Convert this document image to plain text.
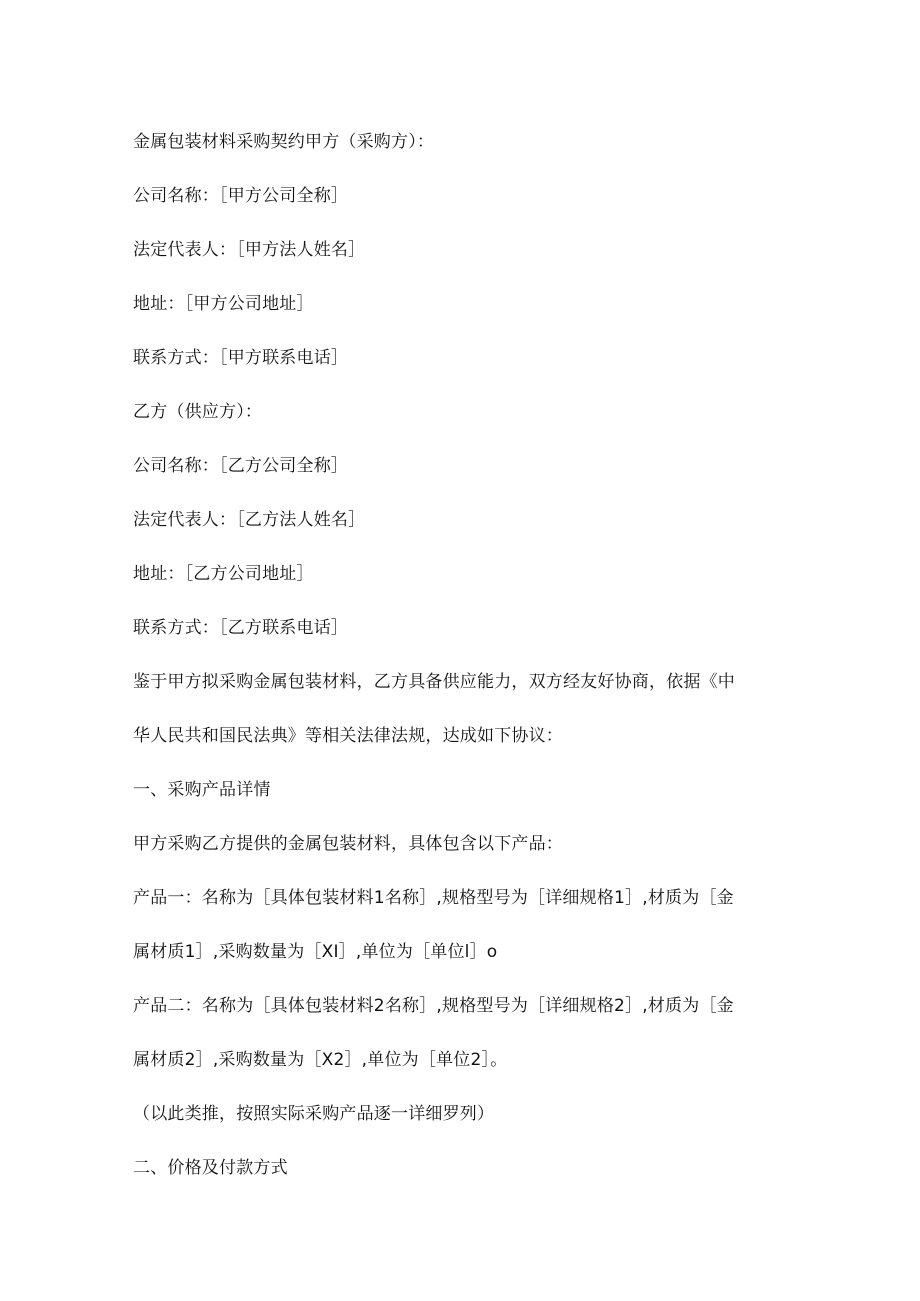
金属包装材料采购契约甲方（采购方）：
公司名称：［甲方公司全称］
法定代表人：［甲方法人姓名］
地址：［甲方公司地址］
联系方式：［甲方联系电话］
乙方（供应方）：
公司名称：［乙方公司全称］
法定代表人：［乙方法人姓名］
地址：［乙方公司地址］
联系方式：［乙方联系电话］
鉴于甲方拟采购金属包装材料，乙方具备供应能力，双方经友好协商，依据《中
华人民共和国民法典》等相关法律法规，达成如下协议：
一、采购产品详情
甲方采购乙方提供的金属包装材料，具体包含以下产品：
产品一：名称为［具体包装材料1名称］,规格型号为［详细规格1］,材质为［金
属材质1］,采购数量为［XI］,单位为［单位l］o
产品二：名称为［具体包装材料2名称］,规格型号为［详细规格2］,材质为［金
属材质2］,采购数量为［X2］,单位为［单位2］。
（以此类推，按照实际采购产品逐一详细罗列）
二、价格及付款方式
